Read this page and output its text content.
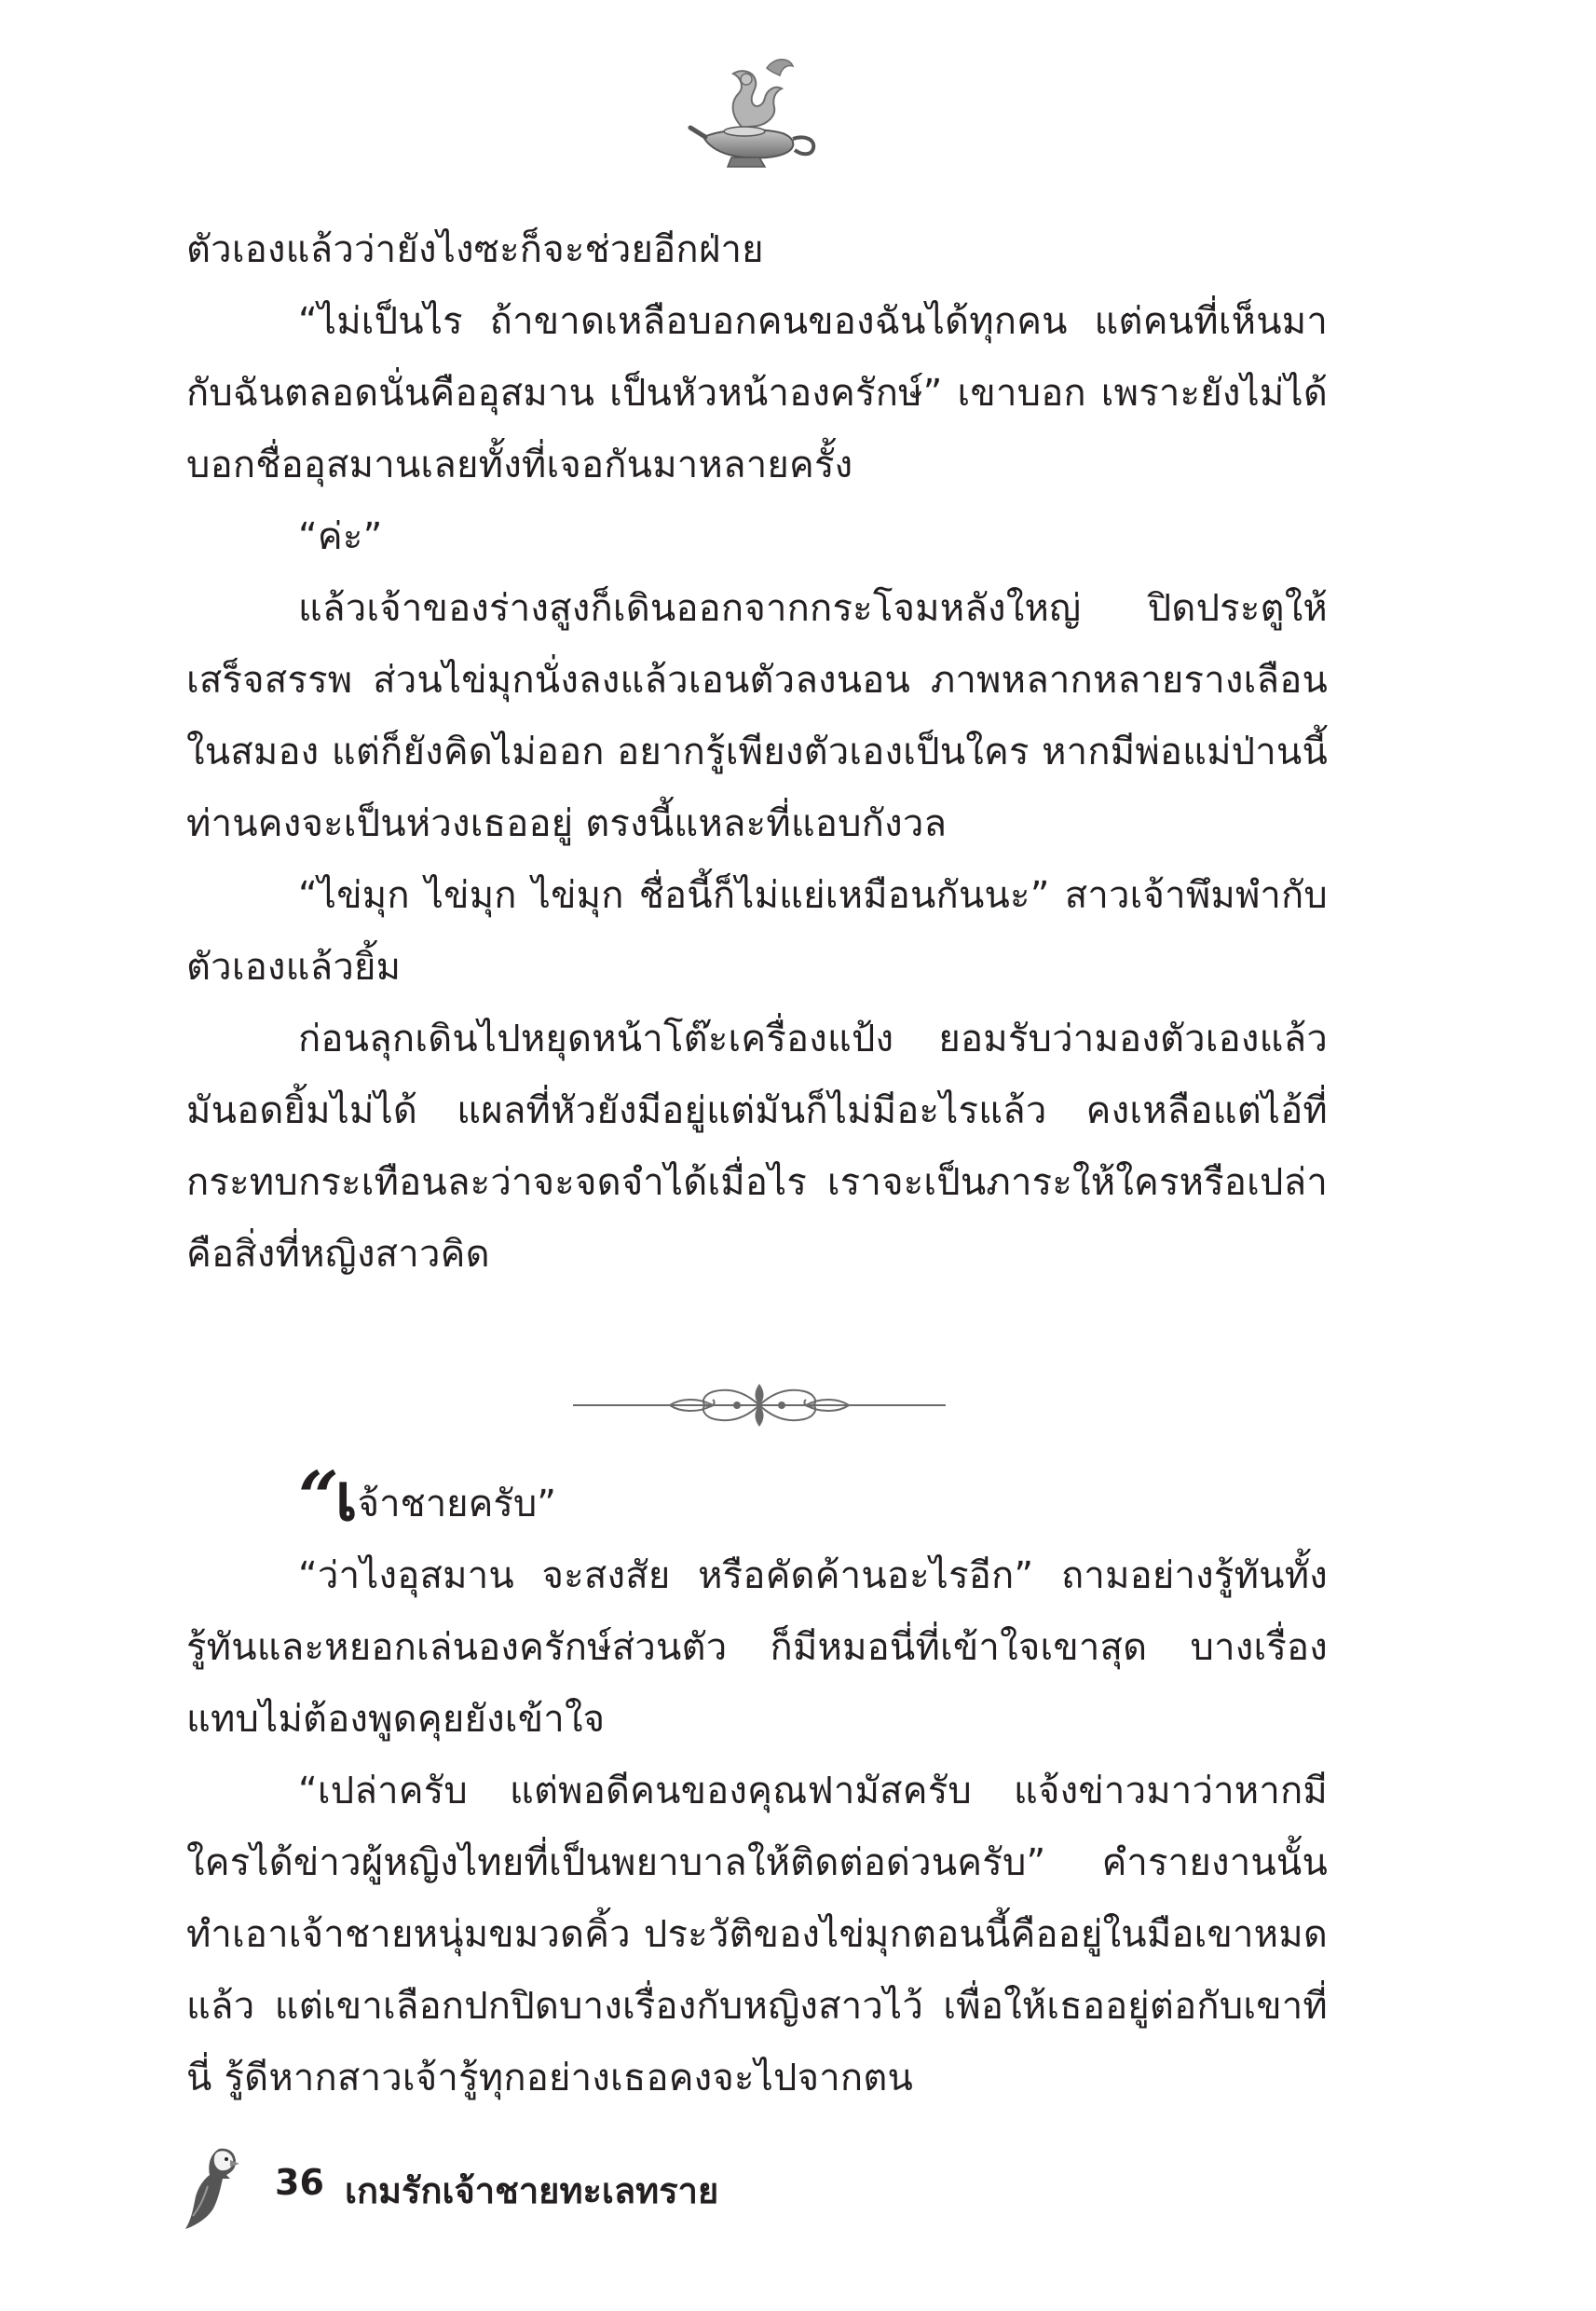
ตัวเองแล้วว่ายังไงซะก็จะช่วยอีกฝ่าย

“ไม่เป็นไร ถ้าขาดเหลือบอกคนของฉันได้ทุกคน แต่คนที่เห็นมากับฉันตลอดนั่นคืออุสมาน เป็นหัวหน้าองครักษ์” เขาบอก เพราะยังไม่ได้บอกชื่ออุสมานเลยทั้งที่เจอกันมาหลายครั้ง

“ค่ะ”

แล้วเจ้าของร่างสูงก็เดินออกจากกระโจมหลังใหญ่ ปิดประตูให้เสร็จสรรพ ส่วนไข่มุกนั่งลงแล้วเอนตัวลงนอน ภาพหลากหลายรางเลือนในสมอง แต่ก็ยังคิดไม่ออก อยากรู้เพียงตัวเองเป็นใคร หากมีพ่อแม่ป่านนี้ท่านคงจะเป็นห่วงเธออยู่ ตรงนี้แหละที่แอบกังวล

“ไข่มุก ไข่มุก ไข่มุก ชื่อนี้ก็ไม่แย่เหมือนกันนะ” สาวเจ้าพึมพำกับตัวเองแล้วยิ้ม

ก่อนลุกเดินไปหยุดหน้าโต๊ะเครื่องแป้ง ยอมรับว่ามองตัวเองแล้วมันอดยิ้มไม่ได้ แผลที่หัวยังมีอยู่แต่มันก็ไม่มีอะไรแล้ว คงเหลือแต่ไอ้ที่กระทบกระเทือนละว่าจะจดจำได้เมื่อไร เราจะเป็นภาระให้ใครหรือเปล่าคือสิ่งที่หญิงสาวคิด

“เจ้าชายครับ”

“ว่าไงอุสมาน จะสงสัย หรือคัดค้านอะไรอีก” ถามอย่างรู้ทันทั้งรู้ทันและหยอกเล่นองครักษ์ส่วนตัว ก็มีหมอนี่ที่เข้าใจเขาสุด บางเรื่องแทบไม่ต้องพูดคุยยังเข้าใจ

“เปล่าครับ แต่พอดีคนของคุณฟามัสครับ แจ้งข่าวมาว่าหากมีใครได้ข่าวผู้หญิงไทยที่เป็นพยาบาลให้ติดต่อด่วนครับ” คำรายงานนั้นทำเอาเจ้าชายหนุ่มขมวดคิ้ว ประวัติของไข่มุกตอนนี้คืออยู่ในมือเขาหมดแล้ว แต่เขาเลือกปกปิดบางเรื่องกับหญิงสาวไว้ เพื่อให้เธออยู่ต่อกับเขาที่นี่ รู้ดีหากสาวเจ้ารู้ทุกอย่างเธอคงจะไปจากตน

36 เกมรักเจ้าชายทะเลทราย
